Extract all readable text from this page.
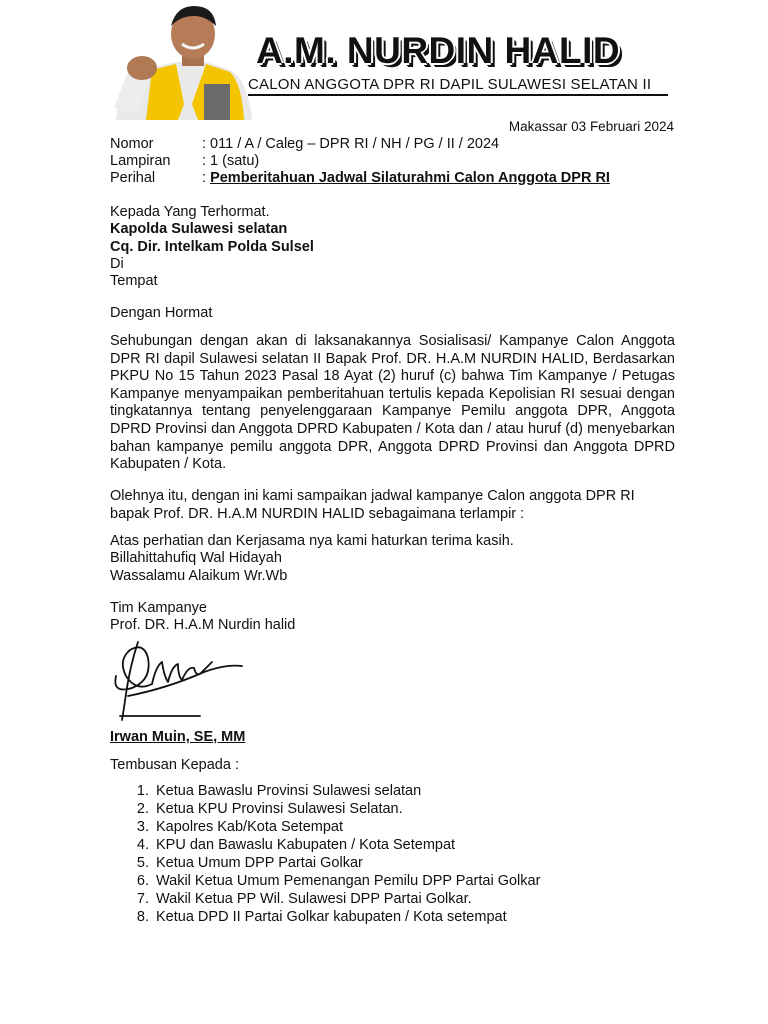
A.M. NURDIN HALID
CALON ANGGOTA DPR RI DAPIL SULAWESI SELATAN II
Makassar 03 Februari 2024
Nomor	: 011 / A / Caleg – DPR RI / NH / PG / II / 2024
Lampiran	: 1 (satu)
Perihal	: Pemberitahuan Jadwal Silaturahmi Calon Anggota DPR RI

Kepada Yang Terhormat.

Kapolda Sulawesi selatan

Cq. Dir. Intelkam Polda Sulsel

Di

Tempat

Dengan Hormat

Sehubungan dengan akan di laksanakannya Sosialisasi/ Kampanye Calon Anggota DPR RI dapil Sulawesi selatan II Bapak Prof. DR. H.A.M NURDIN HALID, Berdasarkan PKPU No 15 Tahun 2023 Pasal 18 Ayat (2) huruf (c) bahwa Tim Kampanye / Petugas Kampanye menyampaikan pemberitahuan tertulis kepada Kepolisian RI sesuai dengan tingkatannya tentang penyelenggaraan Kampanye Pemilu anggota DPR, Anggota DPRD Provinsi dan Anggota DPRD Kabupaten / Kota dan / atau huruf (d) menyebarkan bahan kampanye pemilu anggota DPR, Anggota DPRD Provinsi dan Anggota DPRD Kabupaten / Kota.

Olehnya itu, dengan ini kami sampaikan jadwal kampanye Calon anggota DPR RI bapak Prof. DR. H.A.M NURDIN HALID sebagaimana terlampir :

Atas perhatian dan Kerjasama nya kami haturkan terima kasih.

Billahittahufiq Wal Hidayah

Wassalamu Alaikum Wr.Wb

Tim Kampanye

Prof. DR. H.A.M Nurdin halid

Irwan Muin, SE, MM

Tembusan Kepada :

1. Ketua Bawaslu Provinsi Sulawesi selatan
2. Ketua KPU Provinsi Sulawesi Selatan.
3. Kapolres Kab/Kota Setempat
4. KPU dan Bawaslu Kabupaten / Kota Setempat
5. Ketua Umum DPP Partai Golkar
6. Wakil Ketua Umum Pemenangan Pemilu DPP Partai Golkar
7. Wakil Ketua PP Wil. Sulawesi DPP Partai Golkar.
8. Ketua DPD II Partai Golkar kabupaten / Kota setempat
